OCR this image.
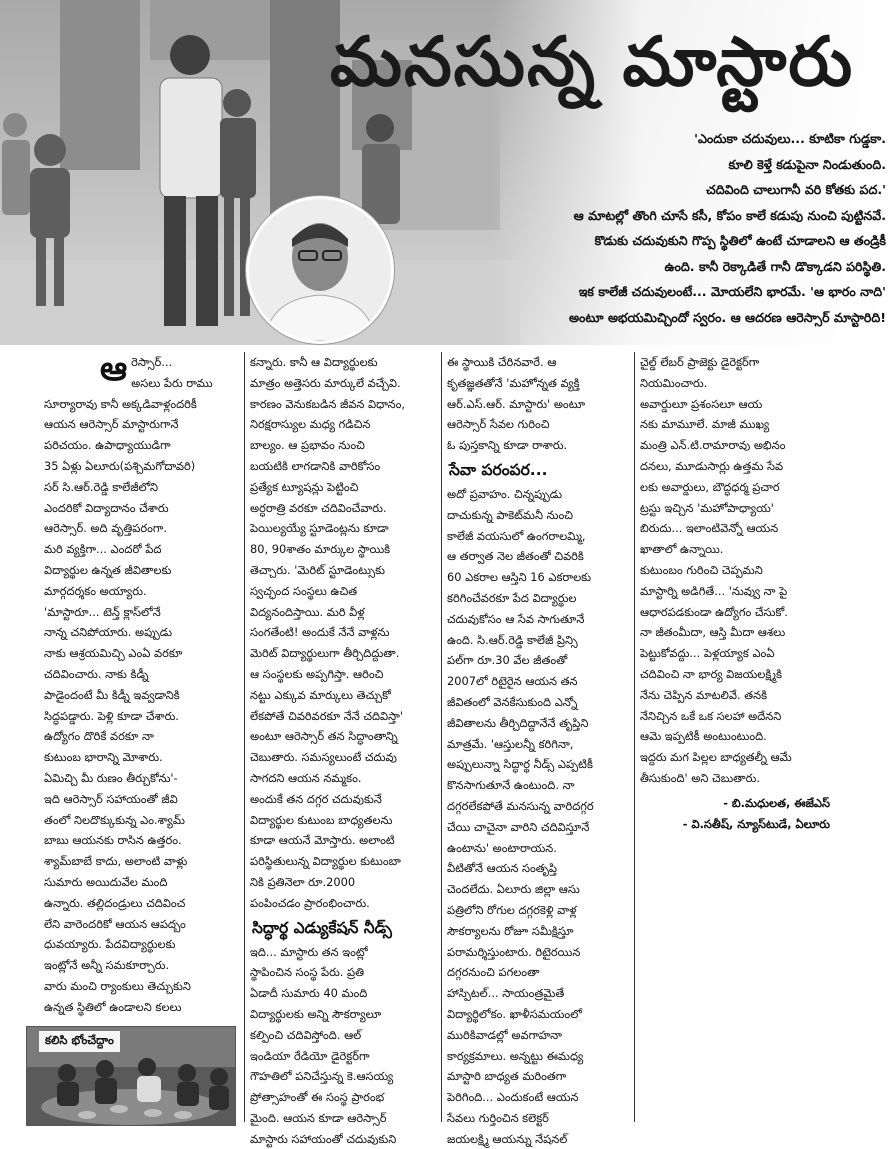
మనసున్న మాస్టారు
'ఎందుకా చదువులు... కూటికా గుడ్డకా.
కూలి కెళ్తే కడుపైనా నిండుతుంది.
చదివింది చాలుగానీ వరి కోతకు పద.'
ఆ మాటల్లో తొంగి చూసే కసీ, కోపం కాలే కడుపు నుంచి పుట్టినవే.
కొడుకు చదువుకుని గొప్ప స్థితిలో ఉంటే చూడాలని ఆ తండ్రికీ
ఉంది. కానీ రెక్కాడితే గానీ డొక్కాడని పరిస్థితి.
ఇక కాలేజీ చదువులంటే... మోయలేని భారమే. 'ఆ భారం నాది'
అంటూ అభయమిచ్చిందో స్వరం. ఆ ఆదరణ ఆరెస్సార్ మాస్టారిది!
ఆ రెస్సార్...
అసలు పేరు రాము
సూర్యారావు కానీ అక్కడివాళ్లందరికీ
ఆయన ఆరెస్సార్ మాస్టారుగానే
పరిచయం. ఉపాధ్యాయుడిగా
35 ఏళ్లు ఏలూరు(పశ్చిమగోదావరి)
సర్ సి.ఆర్.రెడ్డి కాలేజీలోని
ఎందరికో విద్యాదానం చేశారు
ఆరెస్సార్. అది వృత్తిపరంగా.
మరి వ్యక్తిగా... ఎందరో పేద
విద్యార్థుల ఉన్నత జీవితాలకు
మార్గదర్శకం అయ్యారు.
'మాస్టారూ... టెన్త్ క్లాస్‌లోనే
నాన్న చనిపోయారు. అప్పుడు
నాకు ఆశ్రయమిచ్చి ఎంఏ వరకూ
చదివించారు. నాకు కిడ్నీ
పాడైందంటే మీ కిడ్నీ ఇవ్వడానికి
సిద్ధపడ్డారు. పెళ్లి కూడా చేశారు.
ఉద్యోగం దొరికే వరకూ నా
కుటుంబ భారాన్ని మోశారు.
ఏమిచ్చి మీ రుణం తీర్చుకోను'-
ఇది ఆరెస్సార్ సహాయంతో జీవి
తంలో నిలదొక్కుకున్న ఎం.శ్యామ్
బాబు ఆయనకు రాసిన ఉత్తరం.
శ్యామ్‌బాబే కాదు, అలాంటి వాళ్లు
సుమారు అయిదువేల మంది
ఉన్నారు. తల్లిదండ్రులు చదివించ
లేని వారెందరికో ఆయన ఆపద్బం
ధువయ్యారు. పేదవిద్యార్థులకు
ఇంట్లోనే అన్నీ సమకూర్చారు.
వారు మంచి ర్యాంకులు తెచ్చుకుని
ఉన్నత స్థితిలో ఉండాలని కలలు
కన్నారు. కానీ ఆ విద్యార్థులకు
మాత్రం అత్తెసరు మార్కులే వచ్చేవి.
కారణం వెనుకబడిన జీవన విధానం,
నిరక్షరాస్యుల మధ్య గడిచిన
బాల్యం. ఆ ప్రభావం నుంచి
బయటికి లాగడానికి వారికోసం
ప్రత్యేక ట్యూషన్లు పెట్టించి
అర్ధరాత్రి వరకూ చదివించేవారు.
పెయిల్యయ్యే స్టూడెంట్లను కూడా
80, 90శాతం మార్కుల స్థాయికి
తెచ్చారు. 'మెరిట్ స్టూడెంట్సుకు
స్వచ్ఛంద సంస్థలు ఉచిత
విద్యనందిస్తాయి. మరి వీళ్ల
సంగతేంటి! అందుకే నేనే వాళ్లను
మెరిట్ విద్యార్థులుగా తీర్చిదిద్దుతా.
ఆ సంస్థలకు అప్పగిస్తా. ఆరించి
నట్టు ఎక్కువ మార్కులు తెచ్చుకో
లేకపోతే చివరివరకూ నేనే చదివిస్తా'
అంటూ ఆరెస్సార్ తన సిద్ధాంతాన్ని
చెబుతారు. సమస్యలుంటే చదువు
సాగదని ఆయన నమ్మకం.
అందుకే తన దగ్గర చదువుకునే
విద్యార్థుల కుటుంబ బాధ్యతలను
కూడా ఆయనే మోస్తారు. అలాంటి
పరిస్థితులున్న విద్యార్థుల కుటుంబా
నికి ప్రతినెలా రూ.2000
పంపించడం ప్రారంభించారు.
సిద్ధార్థ ఎడ్యుకేషన్ నీడ్స్
ఇది... మాస్టారు తన ఇంట్లో
స్థాపించిన సంస్థ పేరు. ప్రతి
ఏడాదీ సుమారు 40 మంది
విద్యార్థులకు అన్ని సౌకర్యాలూ
కల్పించి చదివిస్తోంది. ఆల్
ఇండియా రేడియో డైరెక్టర్‌గా
గౌహతిలో పనిచేస్తున్న కె.ఆసయ్య
ప్రోత్సాహంతో ఈ సంస్థ ప్రారంభ
మైంది. ఆయన కూడా ఆరెస్సార్
మాస్టారు సహాయంతో చదువుకుని
ఈ స్థాయికి చేరినవారే. ఆ
కృతజ్ఞతతోనే 'మహోన్నత వ్యక్తి
ఆర్.ఎస్.ఆర్. మాస్టారు' అంటూ
ఆరెస్సార్ సేవల గురించి
ఓ పుస్తకాన్ని కూడా రాశారు.
సేవా పరంపర...
అదో ప్రవాహం. చిన్నప్పుడు
దాచుకున్న పాకెట్‌మనీ నుంచి
కాలేజీ వయసులో ఉంగరాలమ్మి,
ఆ తర్వాత నెల జీతంతో చివరికి
60 ఎకరాల ఆస్తిని 16 ఎకరాలకు
కరిగించేవరకూ పేద విద్యార్థుల
చదువుకోసం ఆ సేవ సాగుతూనే
ఉంది. సి.ఆర్.రెడ్డి కాలేజీ ప్రిన్సి
పల్‌గా రూ.30 వేల జీతంతో
2007లో రిటైరైన ఆయన తన
జీవితంలో వెనకేసుకుంది ఎన్నో
జీవితాలను తీర్చిదిద్దానేనే తృప్తిని
మాత్రమే. 'ఆస్తులన్నీ కరిగినా,
అప్పులున్నా సిద్ధార్థ నీడ్స్ ఎప్పటికీ
కొనసాగుతూనే ఉంటుంది. నా
దగ్గరలేకపోతే మనసున్న వారిదగ్గర
చేయి చాచైనా వారిని చదివిస్తూనే
ఉంటాను' అంటారాయన.
వీటితోనే ఆయన సంతృప్తి
చెందలేదు. ఏలూరు జిల్లా ఆసు
పత్రిలోని రోగుల దగ్గరకెళ్లి వాళ్ల
సౌకర్యాలను రోజూ సమీక్షిస్తూ
పరామర్శిస్తుంటారు. రిటైరయిన
దగ్గరనుంచి పగలంతా
హాస్పిటల్... సాయంత్రమైతే
విద్యార్థిలోకం. ఖాళీసమయంలో
మురికివాడల్లో అవగాహనా
కార్యక్రమాలు. అన్నట్టు ఈమధ్య
మాస్టారి బాధ్యత మరింతగా
పెరిగింది... ఎందుకంటే ఆయన
సేవలు గుర్తించిన కలెక్టర్
జయలక్ష్మి ఆయన్ను నేషనల్
చైల్డ్ లేబర్ ప్రాజెక్టు డైరెక్టర్‌గా
నియమించారు.
అవార్డులూ ప్రశంసలూ ఆయ
నకు మామూలే. మాజీ ముఖ్య
మంత్రి ఎన్.టి.రామారావు అభినం
దనలు, మూడుసార్లు ఉత్తమ సేవ
లకు అవార్డులు, బౌద్ధధర్మ ప్రచార
ట్రస్టు ఇచ్చిన 'మహోపాధ్యాయ'
బిరుదు... ఇలాంటివెన్నో ఆయన
ఖాతాలో ఉన్నాయి.
కుటుంబం గురించి చెప్పమని
మాస్టార్ని అడిగితే... 'నువ్వు నా పై
ఆధారపడకుండా ఉద్యోగం చేసుకో.
నా జీతంమీదా, ఆస్తి మీదా ఆశలు
పెట్టుకోవద్దు... పెళ్లయ్యాక ఎంఏ
చదివించి నా భార్య విజయలక్ష్మికి
నేను చెప్పిన మాటలివే. తనకి
నేనిచ్చిన ఒకే ఒక సలహా అదేనని
ఆమె ఇప్పటికీ అంటుంటుంది.
ఇద్దరు మగ పిల్లల బాధ్యతల్నీ ఆమే
తీసుకుంది' అని చెబుతారు.
- బి.మధులత, ఈజేఎస్
- వి.సతీష్, న్యూస్‌టుడే, ఏలూరు
కలిసి భోంచేద్దాం
